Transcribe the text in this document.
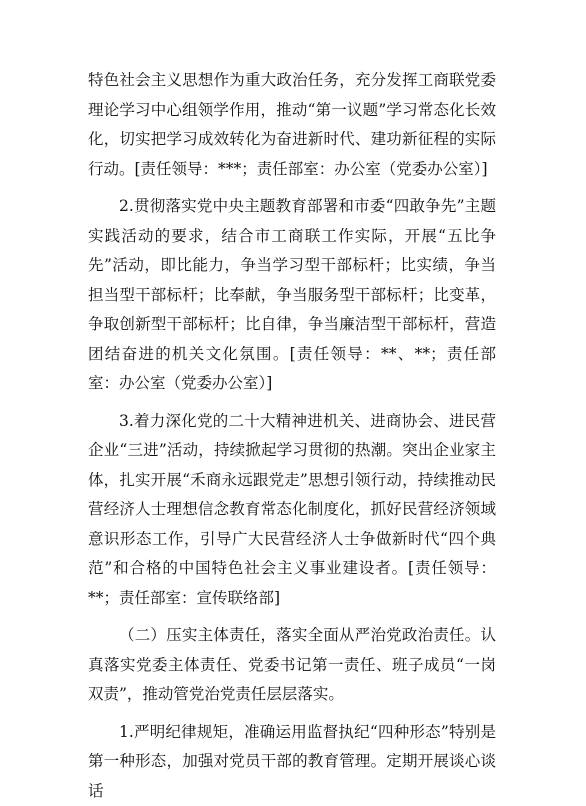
特色社会主义思想作为重大政治任务，充分发挥工商联党委理论学习中心组领学作用，推动“第一议题”学习常态化长效化，切实把学习成效转化为奋进新时代、建功新征程的实际行动。[责任领导：***；责任部室：办公室（党委办公室）]

2.贯彻落实党中央主题教育部署和市委“四敢争先”主题实践活动的要求，结合市工商联工作实际，开展“五比争先”活动，即比能力，争当学习型干部标杆；比实绩，争当担当型干部标杆；比奉献，争当服务型干部标杆；比变革，争取创新型干部标杆；比自律，争当廉洁型干部标杆，营造团结奋进的机关文化氛围。[责任领导：**、**；责任部室：办公室（党委办公室）]

3.着力深化党的二十大精神进机关、进商协会、进民营企业“三进”活动，持续掀起学习贯彻的热潮。突出企业家主体，扎实开展“禾商永远跟党走”思想引领行动，持续推动民营经济人士理想信念教育常态化制度化，抓好民营经济领域意识形态工作，引导广大民营经济人士争做新时代“四个典范”和合格的中国特色社会主义事业建设者。[责任领导：**；责任部室：宣传联络部]

（二）压实主体责任，落实全面从严治党政治责任。认真落实党委主体责任、党委书记第一责任、班子成员“一岗双责”，推动管党治党责任层层落实。

1.严明纪律规矩，准确运用监督执纪“四种形态”特别是第一种形态，加强对党员干部的教育管理。定期开展谈心谈话
